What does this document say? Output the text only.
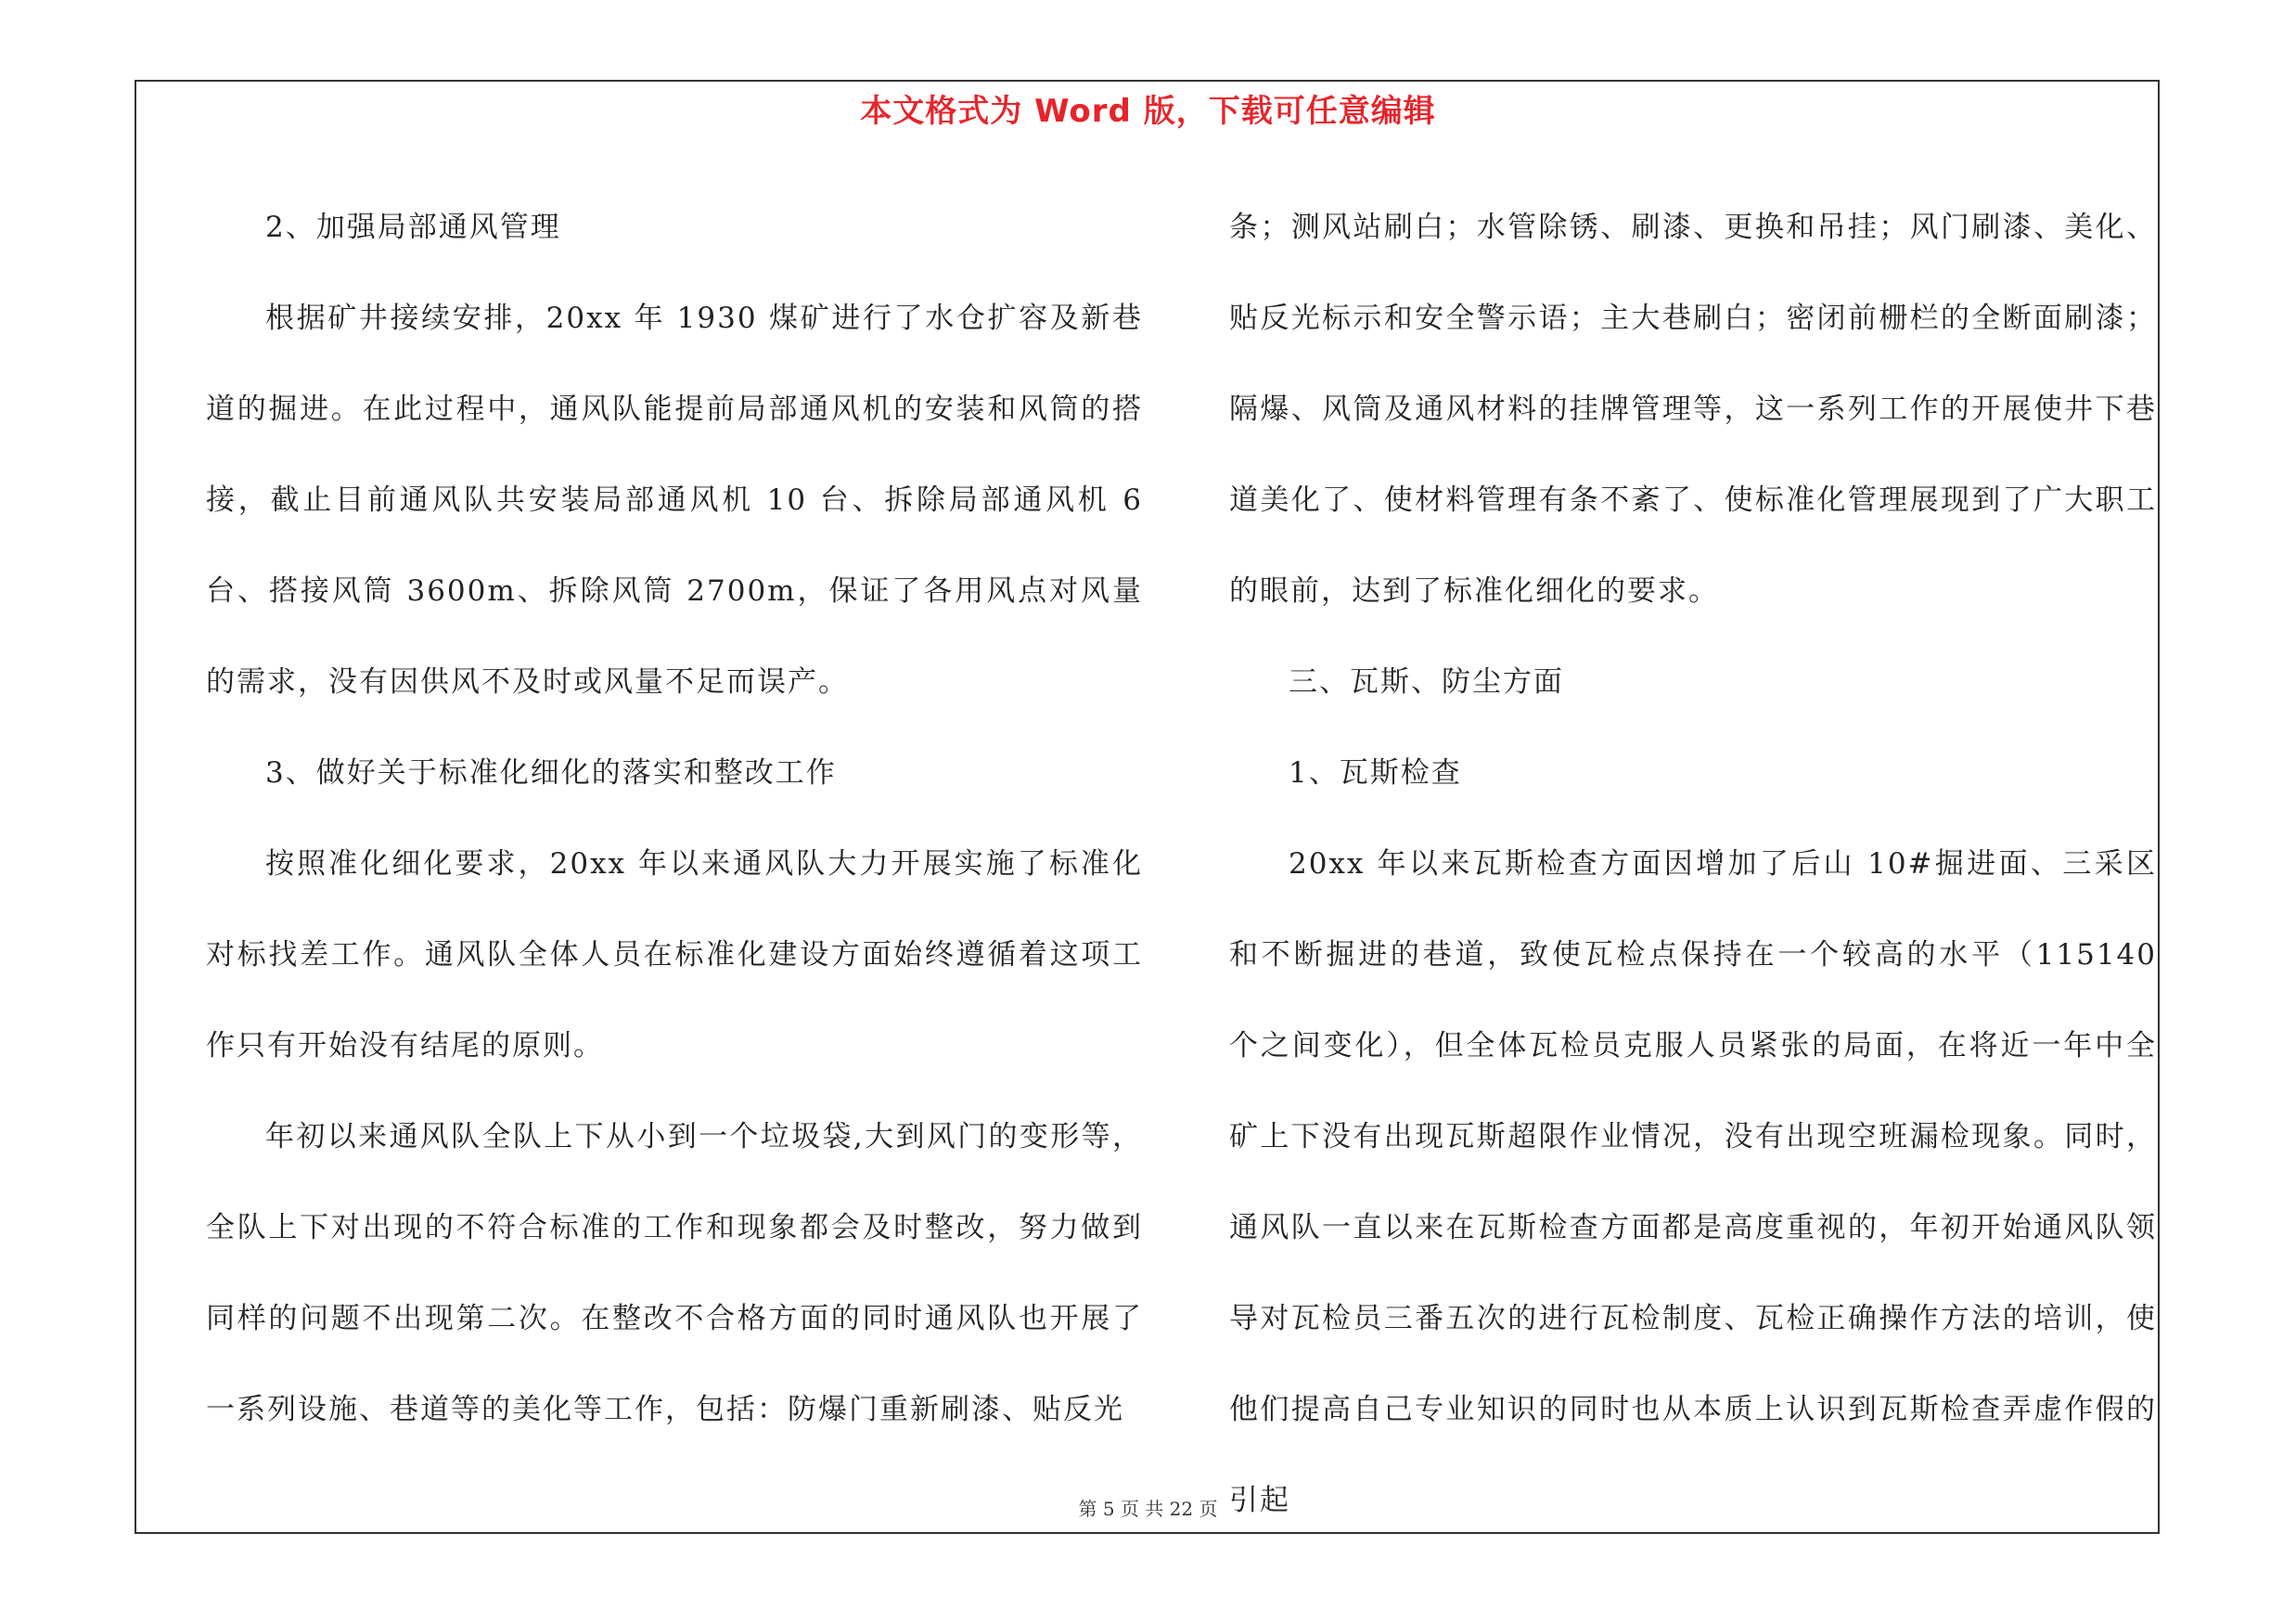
本文格式为 Word 版，下载可任意编辑

2、加强局部通风管理

根据矿井接续安排，20xx 年 1930 煤矿进行了水仓扩容及新巷道的掘进。在此过程中，通风队能提前局部通风机的安装和风筒的搭接，截止目前通风队共安装局部通风机 10 台、拆除局部通风机 6 台、搭接风筒 3600m、拆除风筒 2700m，保证了各用风点对风量的需求，没有因供风不及时或风量不足而误产。

3、做好关于标准化细化的落实和整改工作

按照准化细化要求，20xx 年以来通风队大力开展实施了标准化对标找差工作。通风队全体人员在标准化建设方面始终遵循着这项工作只有开始没有结尾的原则。

年初以来通风队全队上下从小到一个垃圾袋,大到风门的变形等，全队上下对出现的不符合标准的工作和现象都会及时整改，努力做到同样的问题不出现第二次。在整改不合格方面的同时通风队也开展了一系列设施、巷道等的美化等工作，包括：防爆门重新刷漆、贴反光

条；测风站刷白；水管除锈、刷漆、更换和吊挂；风门刷漆、美化、贴反光标示和安全警示语；主大巷刷白；密闭前栅栏的全断面刷漆；隔爆、风筒及通风材料的挂牌管理等，这一系列工作的开展使井下巷道美化了、使材料管理有条不紊了、使标准化管理展现到了广大职工的眼前，达到了标准化细化的要求。

三、瓦斯、防尘方面

1、瓦斯检查

20xx 年以来瓦斯检查方面因增加了后山 10#掘进面、三采区和不断掘进的巷道，致使瓦检点保持在一个较高的水平（115140 个之间变化），但全体瓦检员克服人员紧张的局面，在将近一年中全矿上下没有出现瓦斯超限作业情况，没有出现空班漏检现象。同时，通风队一直以来在瓦斯检查方面都是高度重视的，年初开始通风队领导对瓦检员三番五次的进行瓦检制度、瓦检正确操作方法的培训，使他们提高自己专业知识的同时也从本质上认识到瓦斯检查弄虚作假的引起

第 5 页 共 22 页
